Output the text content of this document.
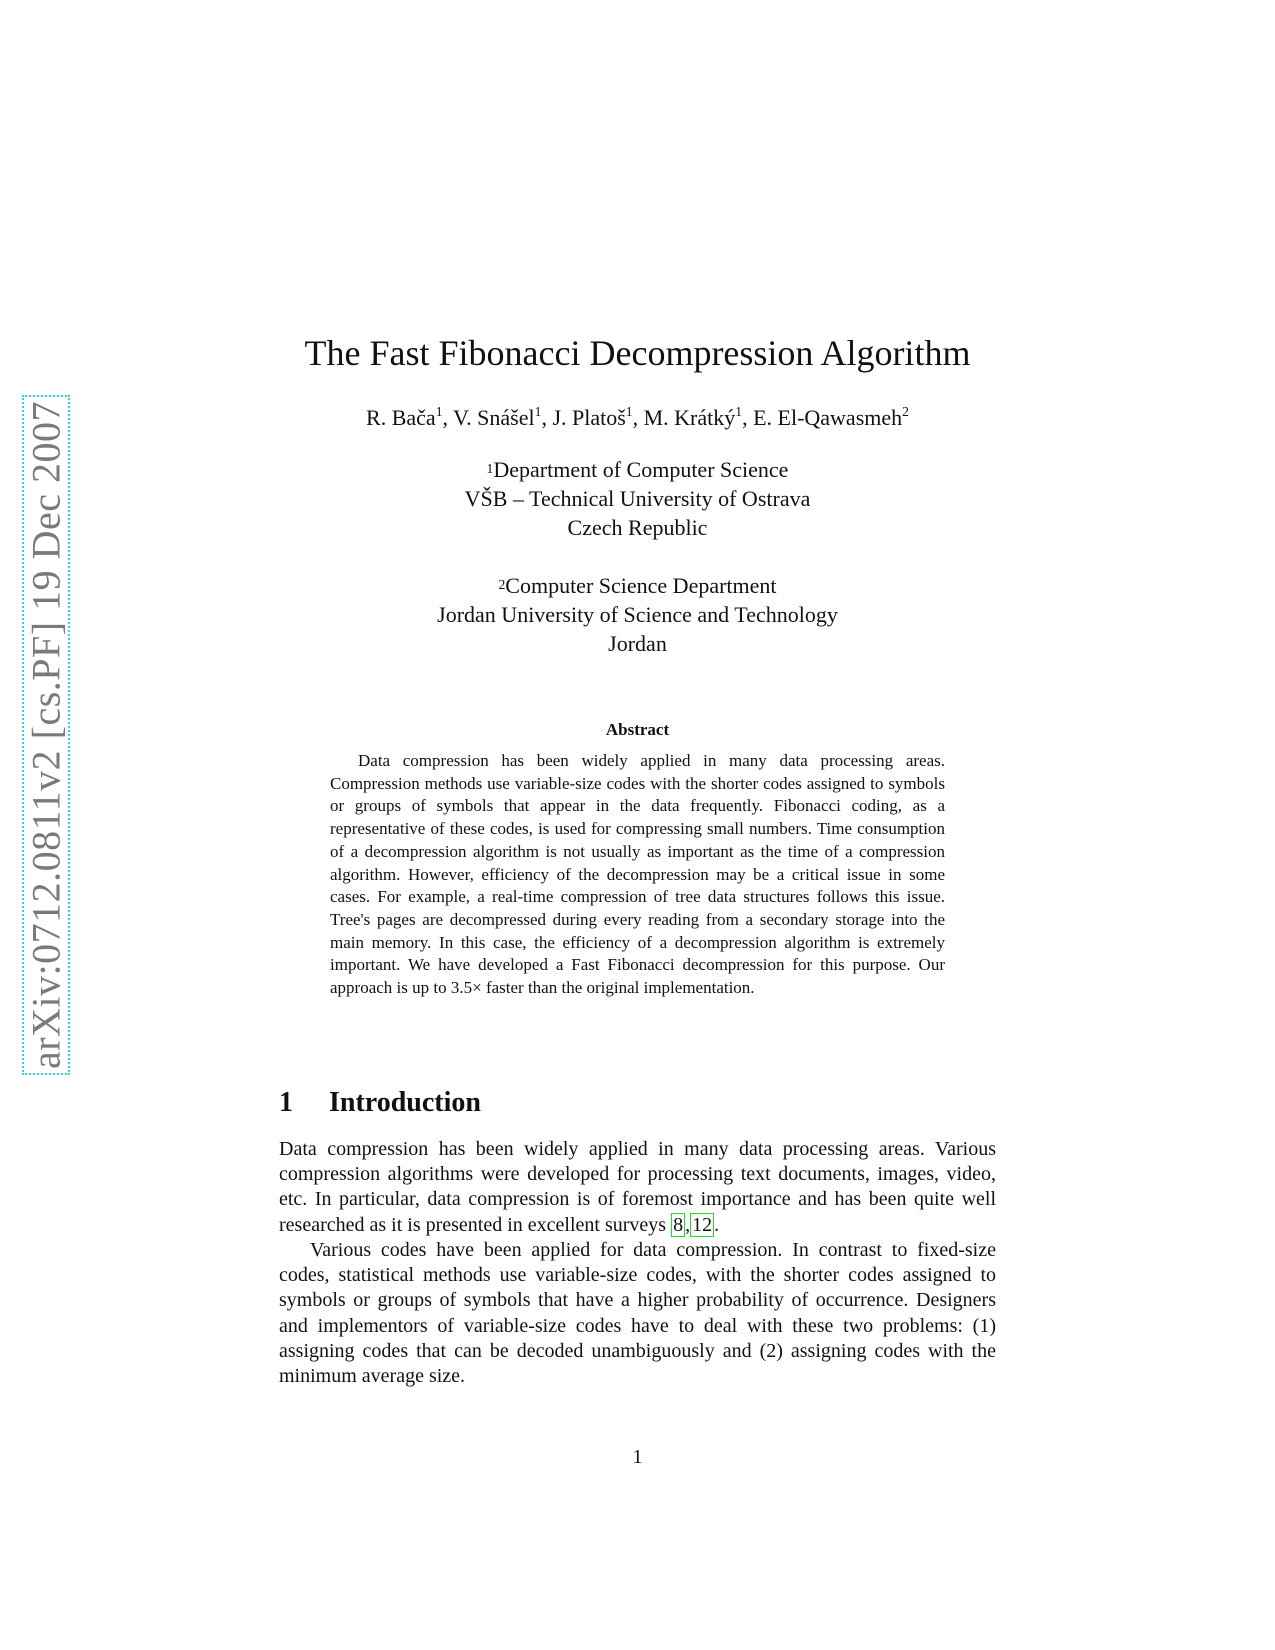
arXiv:0712.0811v2 [cs.PF] 19 Dec 2007
The Fast Fibonacci Decompression Algorithm
R. Bača$^1$, V. Snášel$^1$, J. Platoš$^1$, M. Krátký$^1$, E. El-Qawasmeh$^2$
$^1$Department of Computer Science
VŠB – Technical University of Ostrava
Czech Republic
$^2$Computer Science Department
Jordan University of Science and Technology
Jordan
Abstract

Data compression has been widely applied in many data processing areas. Compression methods use variable-size codes with the shorter codes assigned to symbols or groups of symbols that appear in the data frequently. Fibonacci coding, as a representative of these codes, is used for compressing small numbers. Time consumption of a decompression algorithm is not usually as important as the time of a compression algorithm. However, efficiency of the decompression may be a critical issue in some cases. For example, a real-time compression of tree data structures follows this issue. Tree's pages are decompressed during every reading from a secondary storage into the main memory. In this case, the efficiency of a decompression algorithm is extremely important. We have developed a Fast Fibonacci decompression for this purpose. Our approach is up to 3.5× faster than the original implementation.

1 Introduction

Data compression has been widely applied in many data processing areas. Various compression algorithms were developed for processing text documents, images, video, etc. In particular, data compression is of foremost importance and has been quite well researched as it is presented in excellent surveys 8 , 12 .

Various codes have been applied for data compression. In contrast to fixed-size codes, statistical methods use variable-size codes, with the shorter codes assigned to symbols or groups of symbols that have a higher probability of occurrence. Designers and implementors of variable-size codes have to deal with these two problems: (1) assigning codes that can be decoded unambiguously and (2) assigning codes with the minimum average size.

1
